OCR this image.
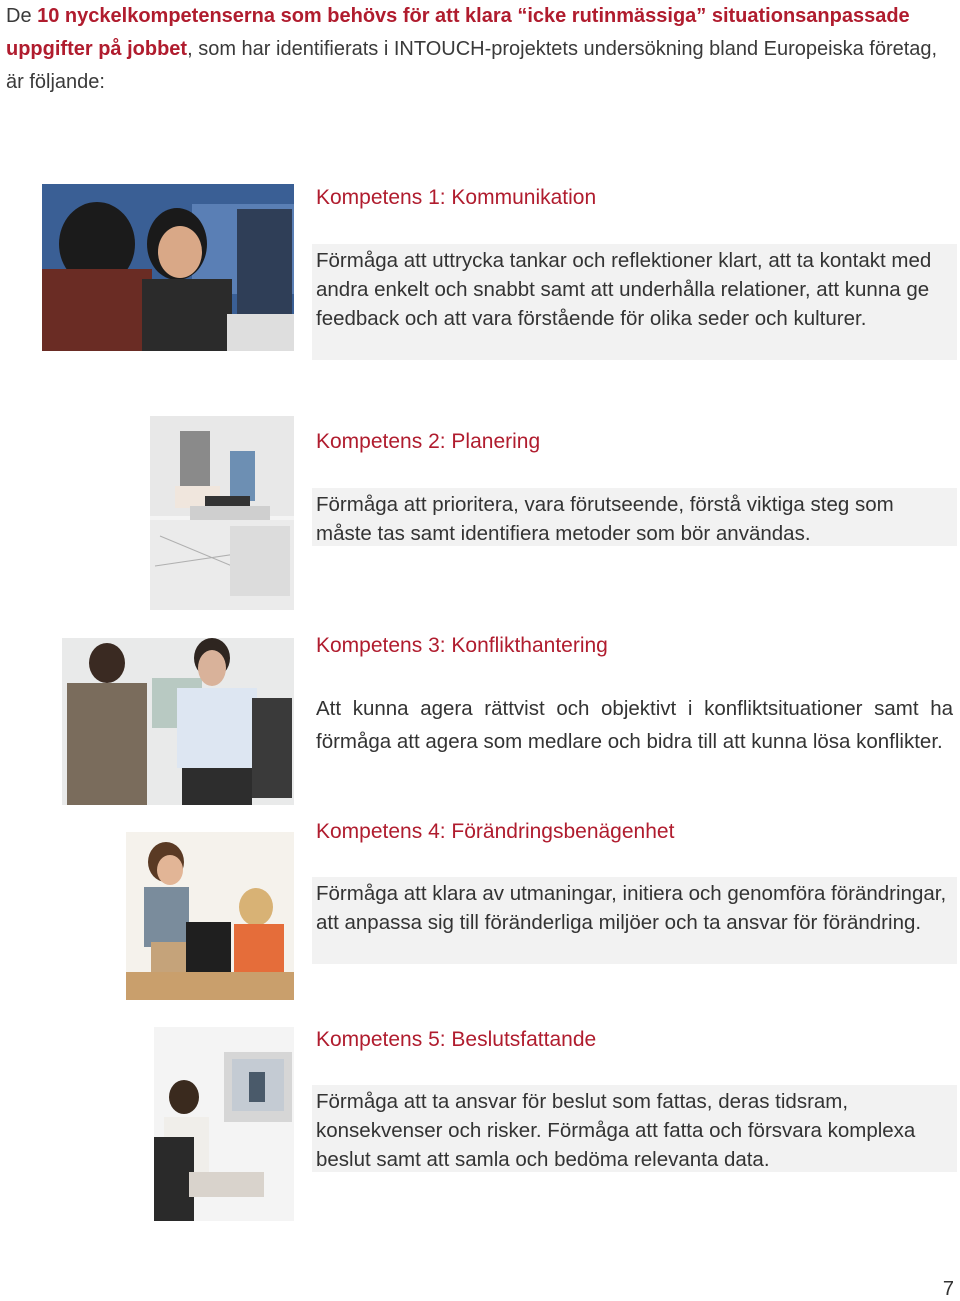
De 10 nyckelkompetenserna som behövs för att klara “icke rutinmässiga” situationsanpassade uppgifter på jobbet, som har identifierats i INTOUCH-projektets undersökning bland Europeiska företag, är följande:
Kompetens 1: Kommunikation
Förmåga att uttrycka tankar och reflektioner klart, att ta kontakt med andra enkelt och snabbt samt att underhålla relationer, att kunna ge feedback och att vara förstående för olika seder och kulturer.
Kompetens 2: Planering
Förmåga att prioritera, vara förutseende, förstå viktiga steg som måste tas samt identifiera metoder som bör användas.
Kompetens 3: Konflikthantering
Att kunna agera rättvist och objektivt i konfliktsituationer samt ha förmåga att agera som medlare och bidra till att kunna lösa konflikter.
Kompetens 4: Förändringsbenägenhet
Förmåga att klara av utmaningar, initiera och genomföra förändringar, att anpassa sig till föränderliga miljöer och ta ansvar för förändring.
Kompetens 5: Beslutsfattande
Förmåga att ta ansvar för beslut som fattas, deras tidsram, konsekvenser och risker. Förmåga att fatta och försvara komplexa beslut samt att samla och bedöma relevanta data.
7
